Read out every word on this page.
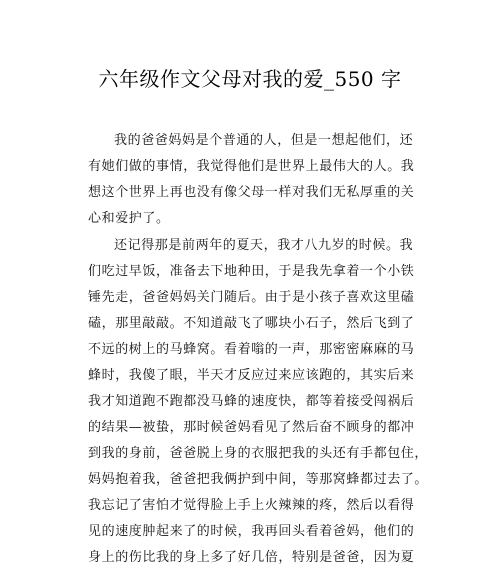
六年级作文父母对我的爱_550 字
我的爸爸妈妈是个普通的人，但是一想起他们，还
有她们做的事情，我觉得他们是世界上最伟大的人。我
想这个世界上再也没有像父母一样对我们无私厚重的关
心和爱护了。
还记得那是前两年的夏天，我才八九岁的时候。我
们吃过早饭，准备去下地种田，于是我先拿着一个小铁
锤先走，爸爸妈妈关门随后。由于是小孩子喜欢这里磕
磕，那里敲敲。不知道敲飞了哪块小石子，然后飞到了
不远的树上的马蜂窝。看着嗡的一声，那密密麻麻的马
蜂时，我傻了眼，半天才反应过来应该跑的，其实后来
我才知道跑不跑都没马蜂的速度快，都等着接受闯祸后
的结果—被蛰，那时候爸妈看见了然后奋不顾身的都冲
到我的身前，爸爸脱上身的衣服把我的头还有手都包住，
妈妈抱着我，爸爸把我俩护到中间，等那窝蜂都过去了。
我忘记了害怕才觉得脸上手上火辣辣的疼，然后以看得
见的速度肿起来了的时候，我再回头看着爸妈，他们的
身上的伤比我的身上多了好几倍，特别是爸爸，因为夏
